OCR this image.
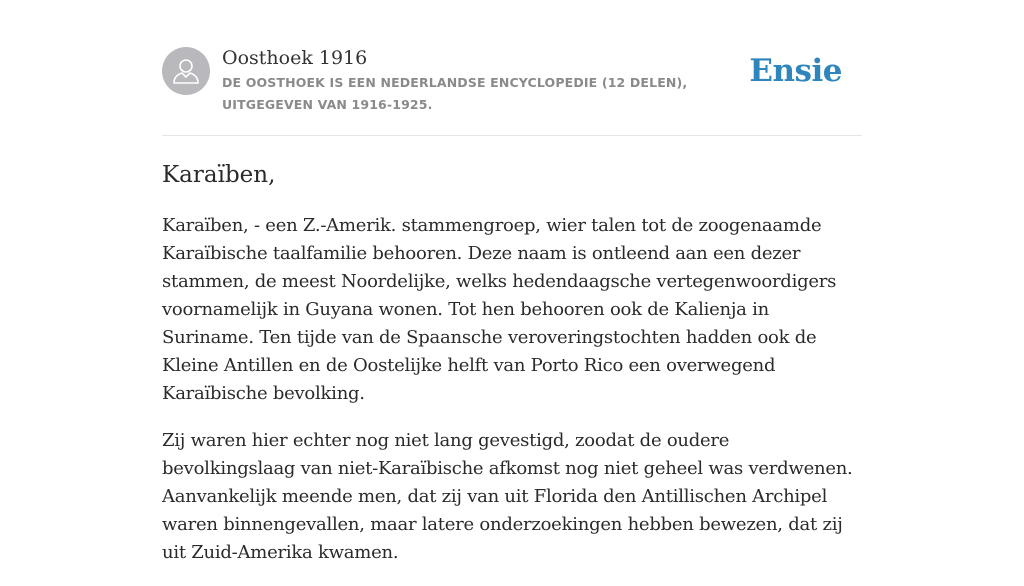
Oosthoek 1916
DE OOSTHOEK IS EEN NEDERLANDSE ENCYCLOPEDIE (12 DELEN), UITGEGEVEN VAN 1916-1925.
Ensie
Karaïben,

Karaïben, - een Z.-Amerik. stammengroep, wier talen tot de zoogenaamde Karaïbische taalfamilie behooren. Deze naam is ontleend aan een dezer stammen, de meest Noordelijke, welks hedendaagsche vertegenwoordigers voornamelijk in Guyana wonen. Tot hen behooren ook de Kalienja in Suriname. Ten tijde van de Spaansche veroveringstochten hadden ook de Kleine Antillen en de Oostelijke helft van Porto Rico een overwegend Karaïbische bevolking.

Zij waren hier echter nog niet lang gevestigd, zoodat de oudere bevolkingslaag van niet-Karaïbische afkomst nog niet geheel was verdwenen. Aanvankelijk meende men, dat zij van uit Florida den Antillischen Archipel waren binnengevallen, maar latere onderzoekingen hebben bewezen, dat zij uit Zuid-Amerika kwamen.
